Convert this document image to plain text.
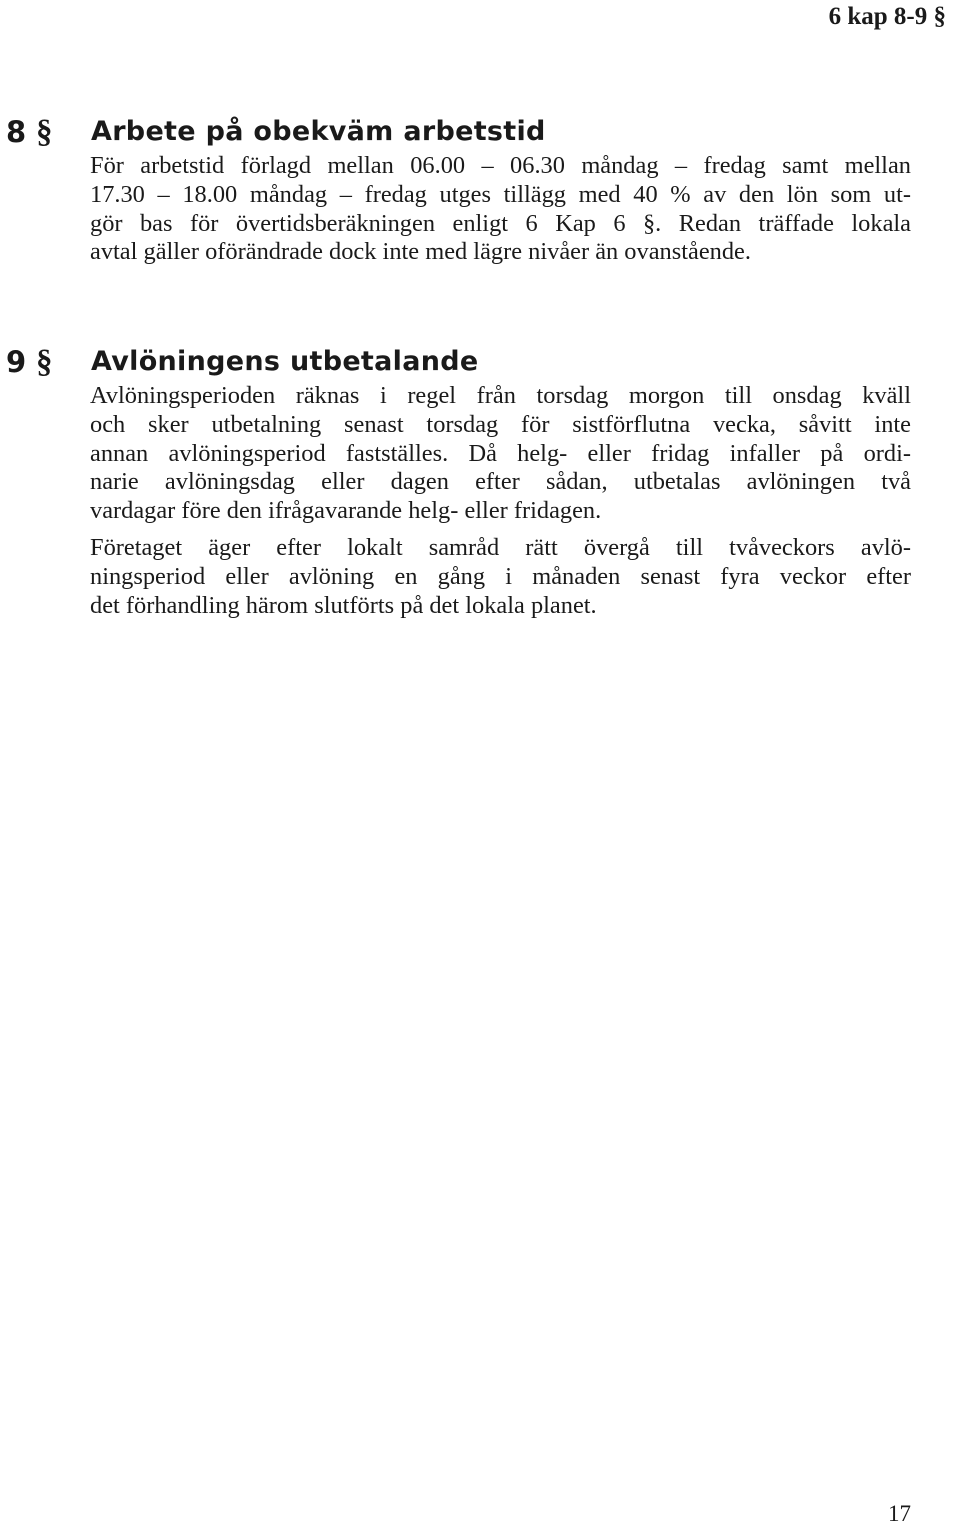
6 kap 8-9 §
8 § Arbete på obekväm arbetstid

För arbetstid förlagd mellan 06.00 – 06.30 måndag – fredag samt mellan
17.30 – 18.00 måndag – fredag utges tillägg med 40 % av den lön som ut-
gör bas för övertidsberäkningen enligt 6 Kap 6 §. Redan träffade lokala
avtal gäller oförändrade dock inte med lägre nivåer än ovanstående.

9 § Avlöningens utbetalande

Avlöningsperioden räknas i regel från torsdag morgon till onsdag kväll
och sker utbetalning senast torsdag för sistförflutna vecka, såvitt inte
annan avlöningsperiod fastställes. Då helg- eller fridag infaller på ordi-
narie avlöningsdag eller dagen efter sådan, utbetalas avlöningen två
vardagar före den ifrågavarande helg- eller fridagen.

Företaget äger efter lokalt samråd rätt övergå till tvåveckors avlö-
ningsperiod eller avlöning en gång i månaden senast fyra veckor efter
det förhandling härom slutförts på det lokala planet.

17
